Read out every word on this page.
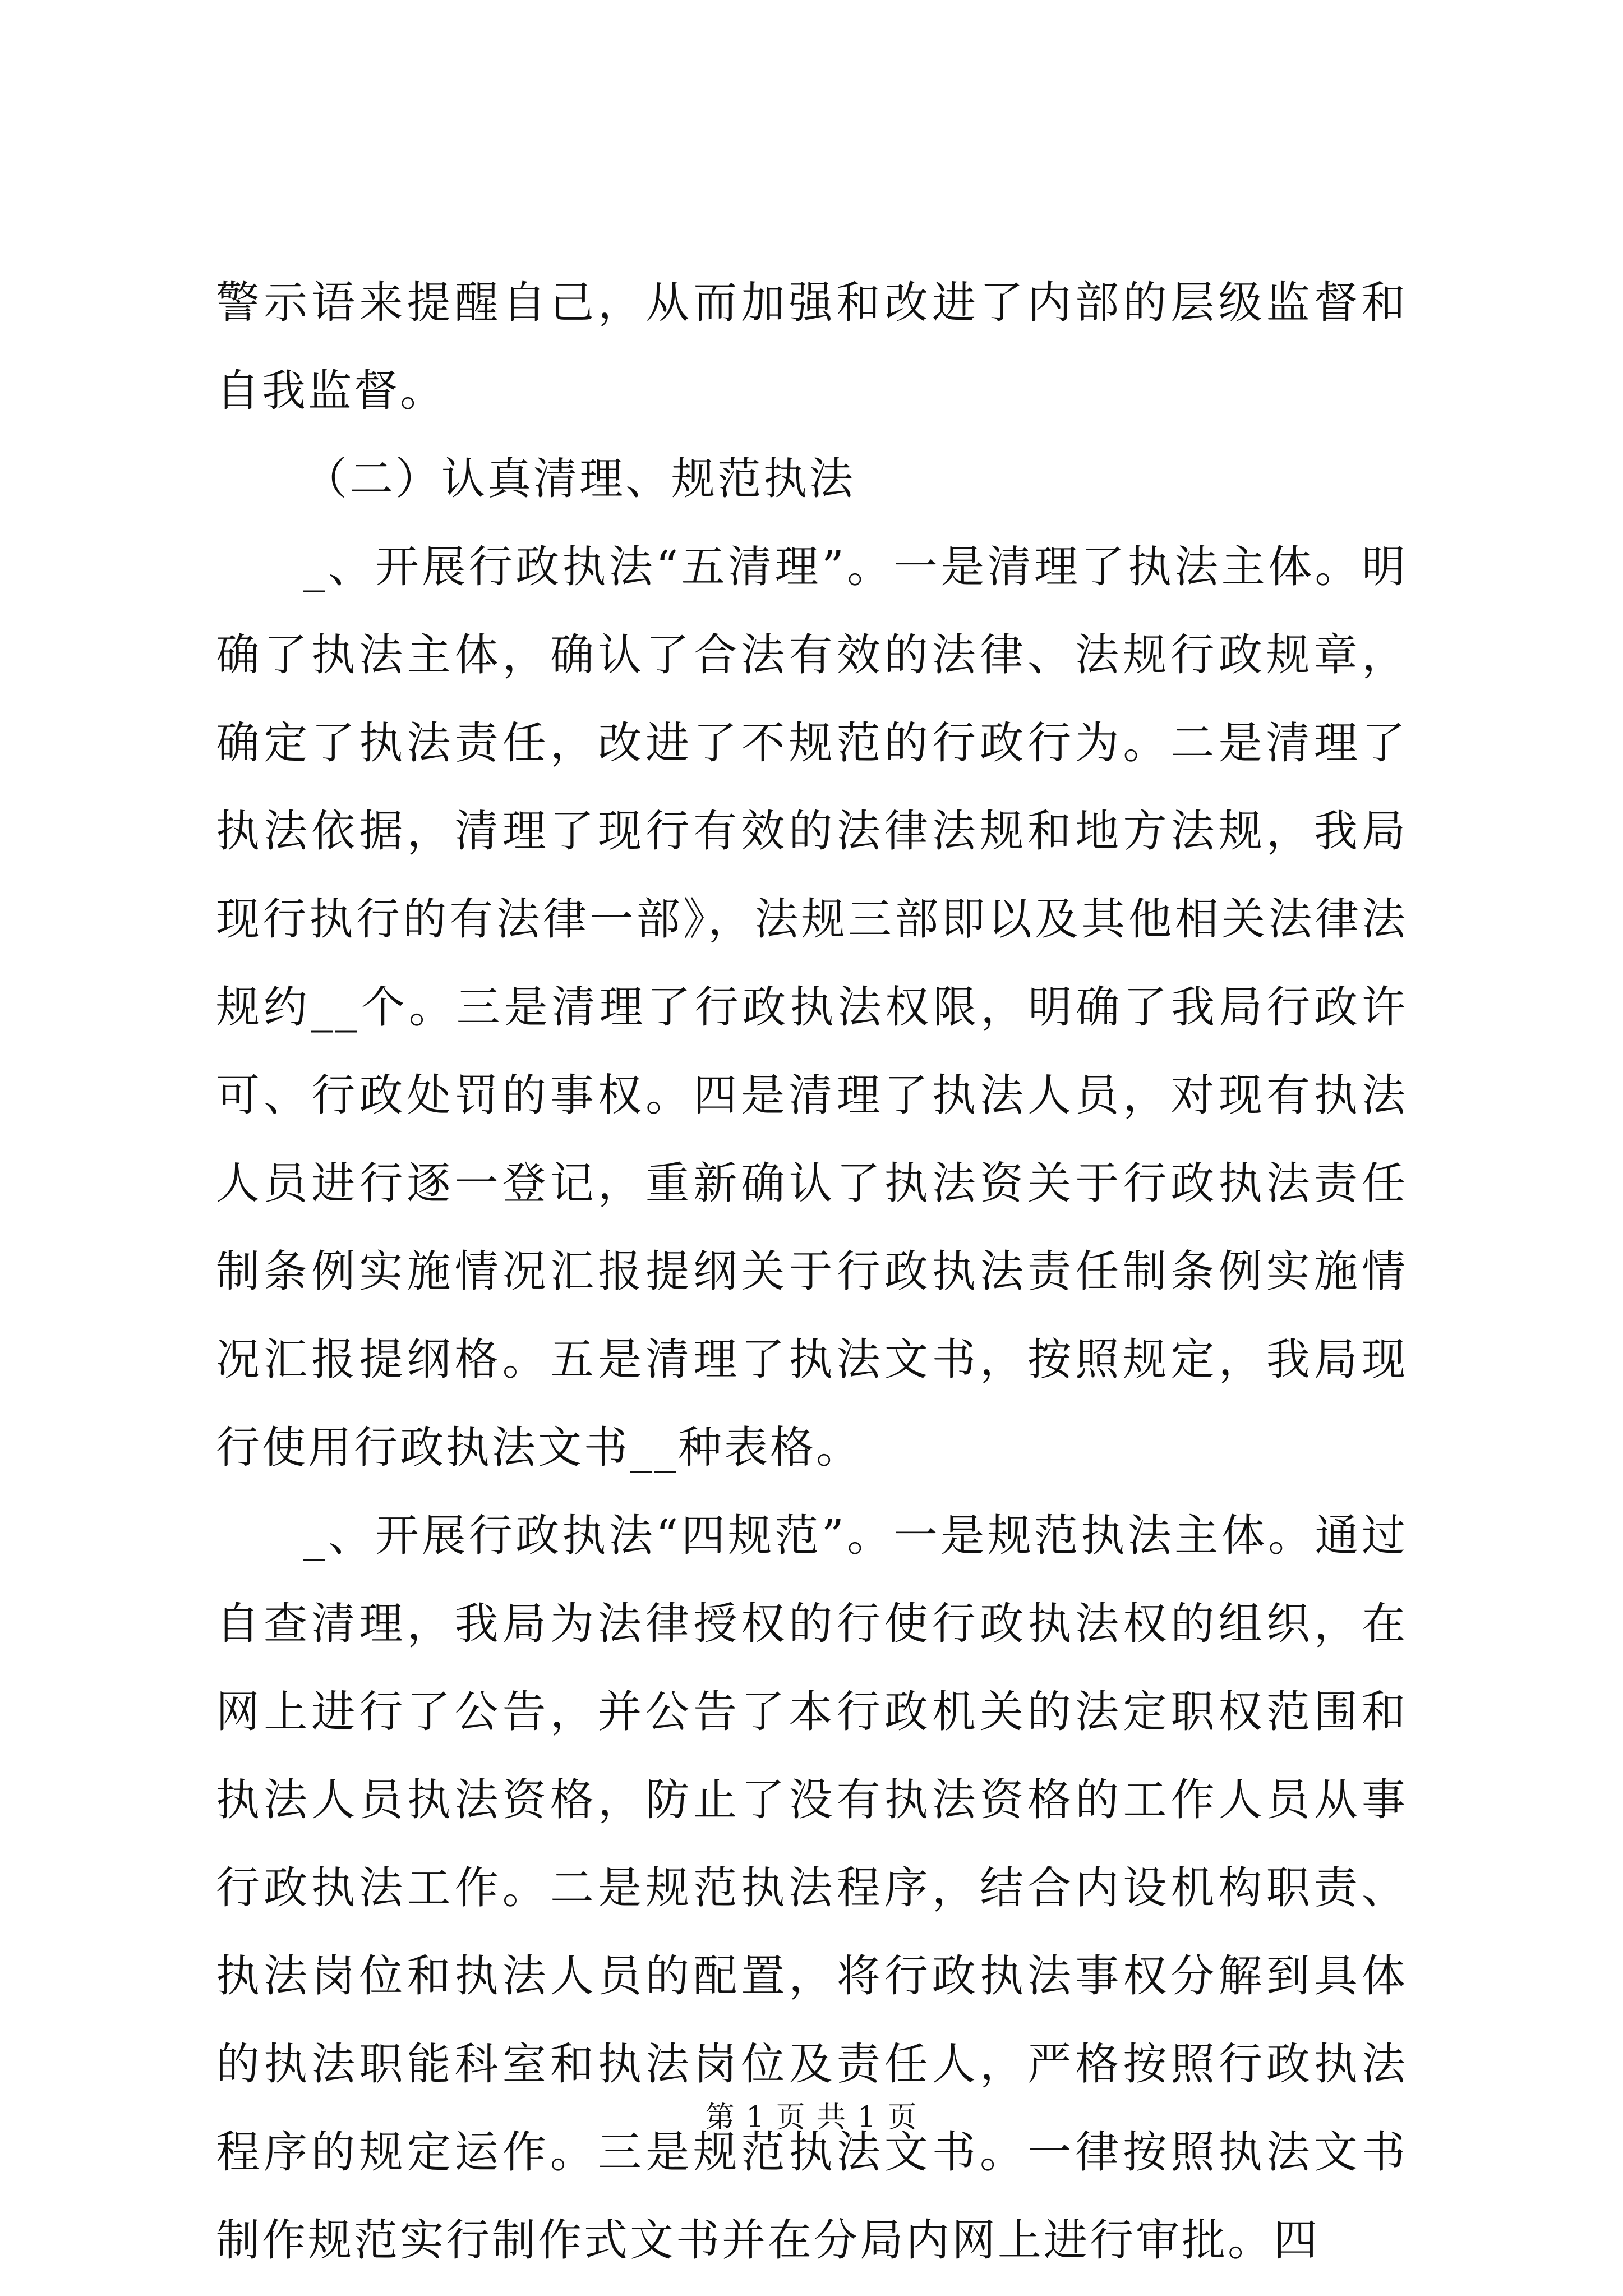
警示语来提醒自己，从而加强和改进了内部的层级监督和自我监督。

（二）认真清理、规范执法

_、开展行政执法“五清理”。一是清理了执法主体。明确了执法主体，确认了合法有效的法律、法规行政规章，确定了执法责任，改进了不规范的行政行为。二是清理了执法依据，清理了现行有效的法律法规和地方法规，我局现行执行的有法律一部》，法规三部即以及其他相关法律法规约__个。三是清理了行政执法权限，明确了我局行政许可、行政处罚的事权。四是清理了执法人员，对现有执法人员进行逐一登记，重新确认了执法资关于行政执法责任制条例实施情况汇报提纲关于行政执法责任制条例实施情况汇报提纲格。五是清理了执法文书，按照规定，我局现行使用行政执法文书__种表格。

_、开展行政执法“四规范”。一是规范执法主体。通过自查清理，我局为法律授权的行使行政执法权的组织，在网上进行了公告，并公告了本行政机关的法定职权范围和执法人员执法资格，防止了没有执法资格的工作人员从事行政执法工作。二是规范执法程序，结合内设机构职责、执法岗位和执法人员的配置，将行政执法事权分解到具体的执法职能科室和执法岗位及责任人，严格按照行政执法程序的规定运作。三是规范执法文书。一律按照执法文书制作规范实行制作式文书并在分局内网上进行审批。四

第 1 页 共 1 页
